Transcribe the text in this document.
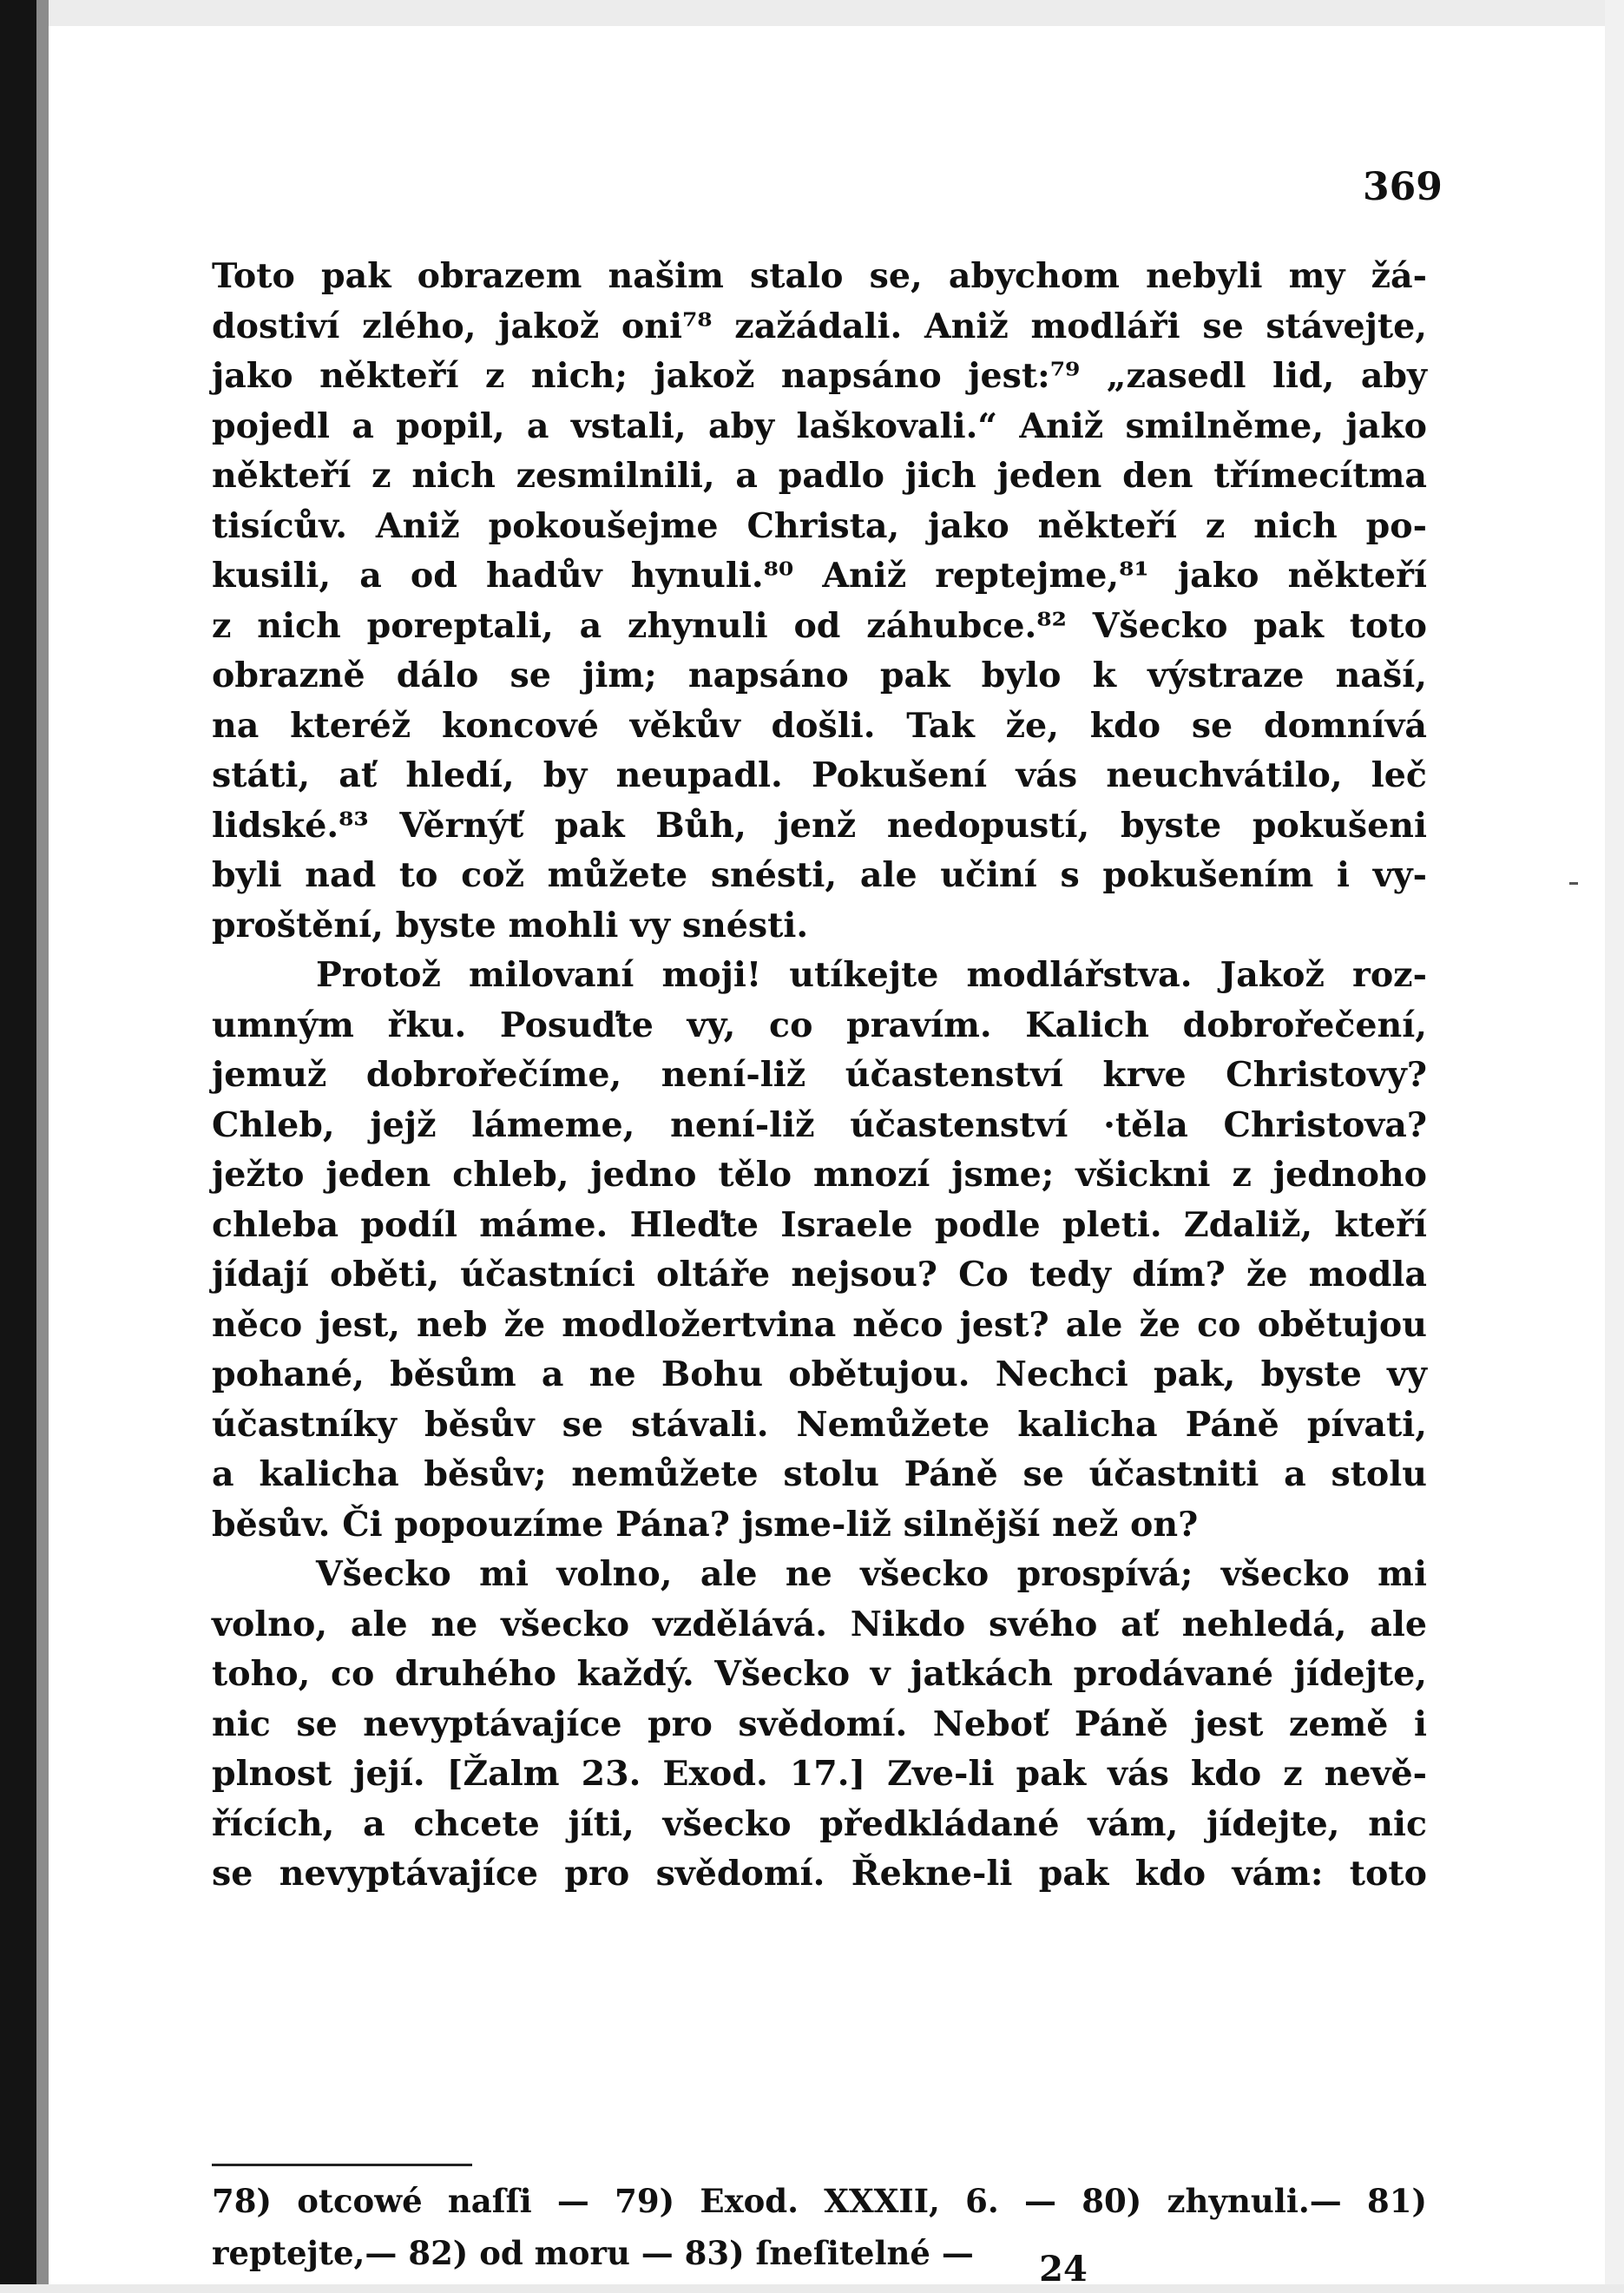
369
Toto pak obrazem našim stalo se, abychom nebyli my žá-
dostiví zlého, jakož oni⁷⁸ zažádali. Aniž modláři se stávejte,
jako někteří z nich; jakož napsáno jest:⁷⁹ „zasedl lid, aby
pojedl a popil, a vstali, aby laškovali.“ Aniž smilněme, jako
někteří z nich zesmilnili, a padlo jich jeden den třímecítma
tisícův. Aniž pokoušejme Christa, jako někteří z nich po-
kusili, a od hadův hynuli.⁸⁰ Aniž reptejme,⁸¹ jako někteří
z nich poreptali, a zhynuli od záhubce.⁸² Všecko pak toto
obrazně dálo se jim; napsáno pak bylo k výstraze naší,
na kteréž koncové věkův došli. Tak že, kdo se domnívá
státi, ať hledí, by neupadl. Pokušení vás neuchvátilo, leč
lidské.⁸³ Věrnýť pak Bůh, jenž nedopustí, byste pokušeni
byli nad to což můžete snésti, ale učiní s pokušením i vy-
proštění, byste mohli vy snésti.
Protož milovaní moji! utíkejte modlářstva. Jakož roz-
umným řku. Posuďte vy, co pravím. Kalich dobrořečení,
jemuž dobrořečíme, není-liž účastenství krve Christovy?
Chleb, jejž lámeme, není-liž účastenství ·těla Christova?
ježto jeden chleb, jedno tělo mnozí jsme; všickni z jednoho
chleba podíl máme. Hleďte Israele podle pleti. Zdaliž, kteří
jídají oběti, účastníci oltáře nejsou? Co tedy dím? že modla
něco jest, neb že modložertvina něco jest? ale že co obětujou
pohané, běsům a ne Bohu obětujou. Nechci pak, byste vy
účastníky běsův se stávali. Nemůžete kalicha Páně pívati,
a kalicha běsův; nemůžete stolu Páně se účastniti a stolu
běsův. Či popouzíme Pána? jsme-liž silnější než on?
Všecko mi volno, ale ne všecko prospívá; všecko mi
volno, ale ne všecko vzdělává. Nikdo svého ať nehledá, ale
toho, co druhého každý. Všecko v jatkách prodávané jídejte,
nic se nevyptávajíce pro svědomí. Neboť Páně jest země i
plnost její. [Žalm 23. Exod. 17.] Zve-li pak vás kdo z nevě-
řících, a chcete jíti, všecko předkládané vám, jídejte, nic
se nevyptávajíce pro svědomí. Řekne-li pak kdo vám: toto
78) otcowé naſſi — 79) Exod. XXXII, 6. — 80) zhynuli.— 81)
reptejte,— 82) od moru — 83) ſneſitelné —	24
